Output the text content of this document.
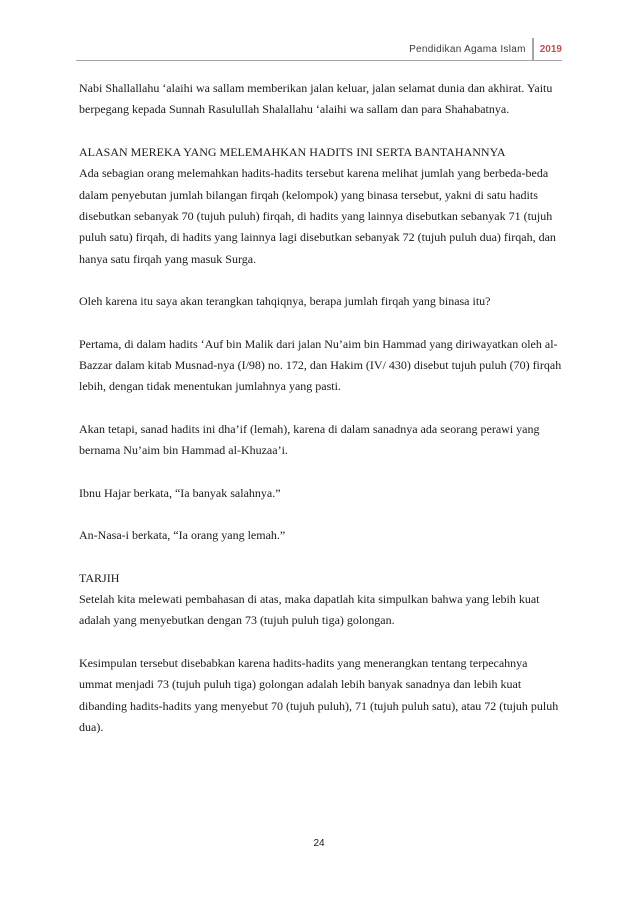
Pendidikan Agama Islam	2019

Nabi Shallallahu ‘alaihi wa sallam memberikan jalan keluar, jalan selamat dunia dan akhirat. Yaitu berpegang kepada Sunnah Rasulullah Shalallahu ‘alaihi wa sallam dan para Shahabatnya.

ALASAN MEREKA YANG MELEMAHKAN HADITS INI SERTA BANTAHANNYA

Ada sebagian orang melemahkan hadits-hadits tersebut karena melihat jumlah yang berbeda-beda dalam penyebutan jumlah bilangan firqah (kelompok) yang binasa tersebut, yakni di satu hadits disebutkan sebanyak 70 (tujuh puluh) firqah, di hadits yang lainnya disebutkan sebanyak 71 (tujuh puluh satu) firqah, di hadits yang lainnya lagi disebutkan sebanyak 72 (tujuh puluh dua) firqah, dan hanya satu firqah yang masuk Surga.

Oleh karena itu saya akan terangkan tahqiqnya, berapa jumlah firqah yang binasa itu?

Pertama, di dalam hadits ‘Auf bin Malik dari jalan Nu’aim bin Hammad yang diriwayatkan oleh al-Bazzar dalam kitab Musnad-nya (I/98) no. 172, dan Hakim (IV/ 430) disebut tujuh puluh (70) firqah lebih, dengan tidak menentukan jumlahnya yang pasti.

Akan tetapi, sanad hadits ini dha’if (lemah), karena di dalam sanadnya ada seorang perawi yang bernama Nu’aim bin Hammad al-Khuzaa’i.

Ibnu Hajar berkata, “Ia banyak salahnya.”

An-Nasa-i berkata, “Ia orang yang lemah.”

TARJIH

Setelah kita melewati pembahasan di atas, maka dapatlah kita simpulkan bahwa yang lebih kuat adalah yang menyebutkan dengan 73 (tujuh puluh tiga) golongan.

Kesimpulan tersebut disebabkan karena hadits-hadits yang menerangkan tentang terpecahnya ummat menjadi 73 (tujuh puluh tiga) golongan adalah lebih banyak sanadnya dan lebih kuat dibanding hadits-hadits yang menyebut 70 (tujuh puluh), 71 (tujuh puluh satu), atau 72 (tujuh puluh dua).

24
